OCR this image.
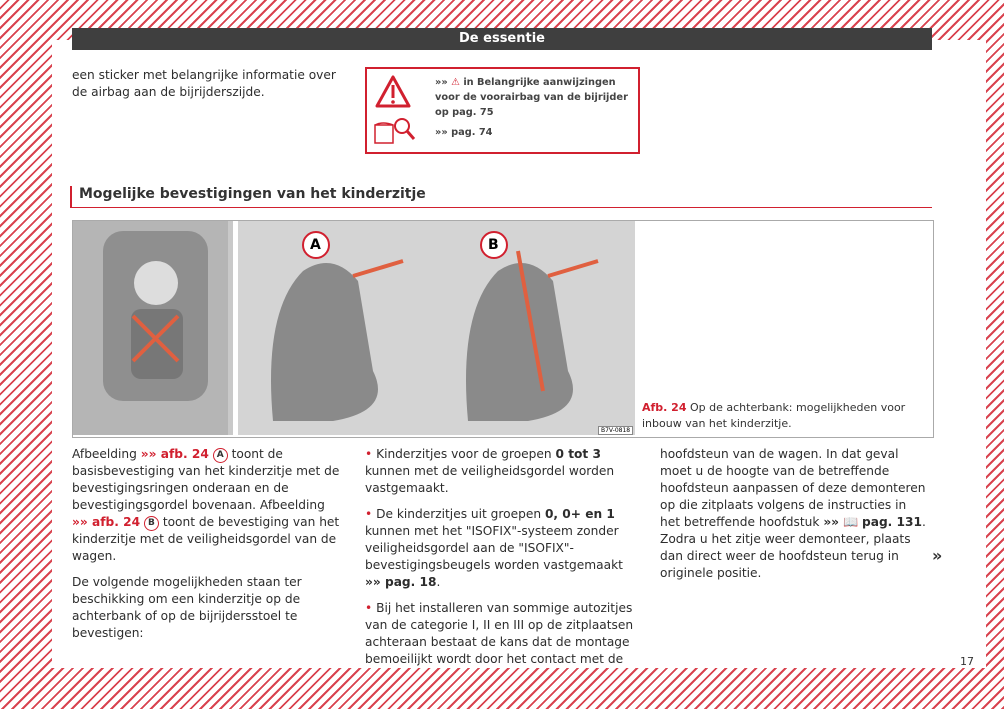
De essentie
een sticker met belangrijke informatie over de airbag aan de bijrijderszijde.
»» ⚠ in Belangrijke aanwijzingen voor de voorairbag van de bijrijder op pag. 75
»» pag. 74
Mogelijke bevestigingen van het kinderzitje
A	B
B7V-0818
Afb. 24 Op de achterbank: mogelijkheden voor inbouw van het kinderzitje.

Afbeelding »» afb. 24 A toont de basisbevestiging van het kinderzitje met de bevestigingsringen onderaan en de bevestigingsgordel bovenaan. Afbeelding »» afb. 24 B toont de bevestiging van het kinderzitje met de veiligheidsgordel van de wagen.

De volgende mogelijkheden staan ter beschikking om een kinderzitje op de achterbank of op de bijrijdersstoel te bevestigen:

• Kinderzitjes voor de groepen 0 tot 3 kunnen met de veiligheidsgordel worden vastgemaakt.

• De kinderzitjes uit groepen 0, 0+ en 1 kunnen met het "ISOFIX"-systeem zonder veiligheidsgordel aan de "ISOFIX"-bevestigingsbeugels worden vastgemaakt »» pag. 18.

• Bij het installeren van sommige autozitjes van de categorie I, II en III op de zitplaatsen achteraan bestaat de kans dat de montage bemoeilijkt wordt door het contact met de

hoofdsteun van de wagen. In dat geval moet u de hoogte van de betreffende hoofdsteun aanpassen of deze demonteren op die zitplaats volgens de instructies in het betreffende hoofdstuk »» 📖 pag. 131. Zodra u het zitje weer demonteer, plaats dan direct weer de hoofdsteun terug in originele positie.

»
17
